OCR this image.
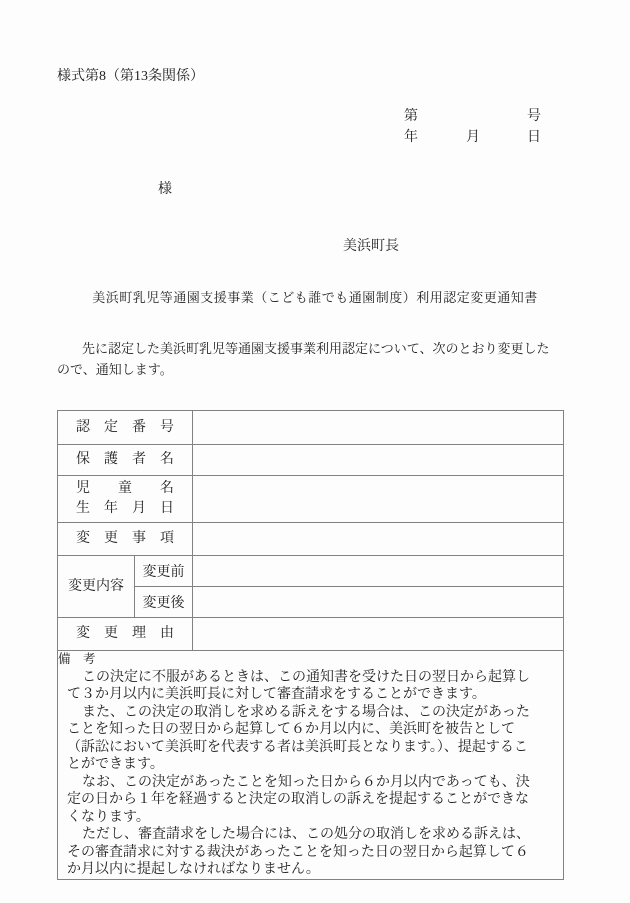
様式第8（第13条関係）
第	号
年	月	日
様
美浜町長
美浜町乳児等通園支援事業（こども誰でも通園制度）利用認定変更通知書
先に認定した美浜町乳児等通園支援事業利用認定について、次のとおり変更したので、通知します。
認　定　番　号		
保　護　者　名		
児　　童　　名
生　年　月　日		
変　更　事　項		
変更内容	変更前	
	変更後	
変　更　理　由		

備　考

この決定に不服があるときは、この通知書を受けた日の翌日から起算して３か月以内に美浜町長に対して審査請求をすることができます。

また、この決定の取消しを求める訴えをする場合は、この決定があったことを知った日の翌日から起算して６か月以内に、美浜町を被告として（訴訟において美浜町を代表する者は美浜町長となります。）、提起することができます。

なお、この決定があったことを知った日から６か月以内であっても、決定の日から１年を経過すると決定の取消しの訴えを提起することができなくなります。

ただし、審査請求をした場合には、この処分の取消しを求める訴えは、その審査請求に対する裁決があったことを知った日の翌日から起算して６か月以内に提起しなければなりません。		
